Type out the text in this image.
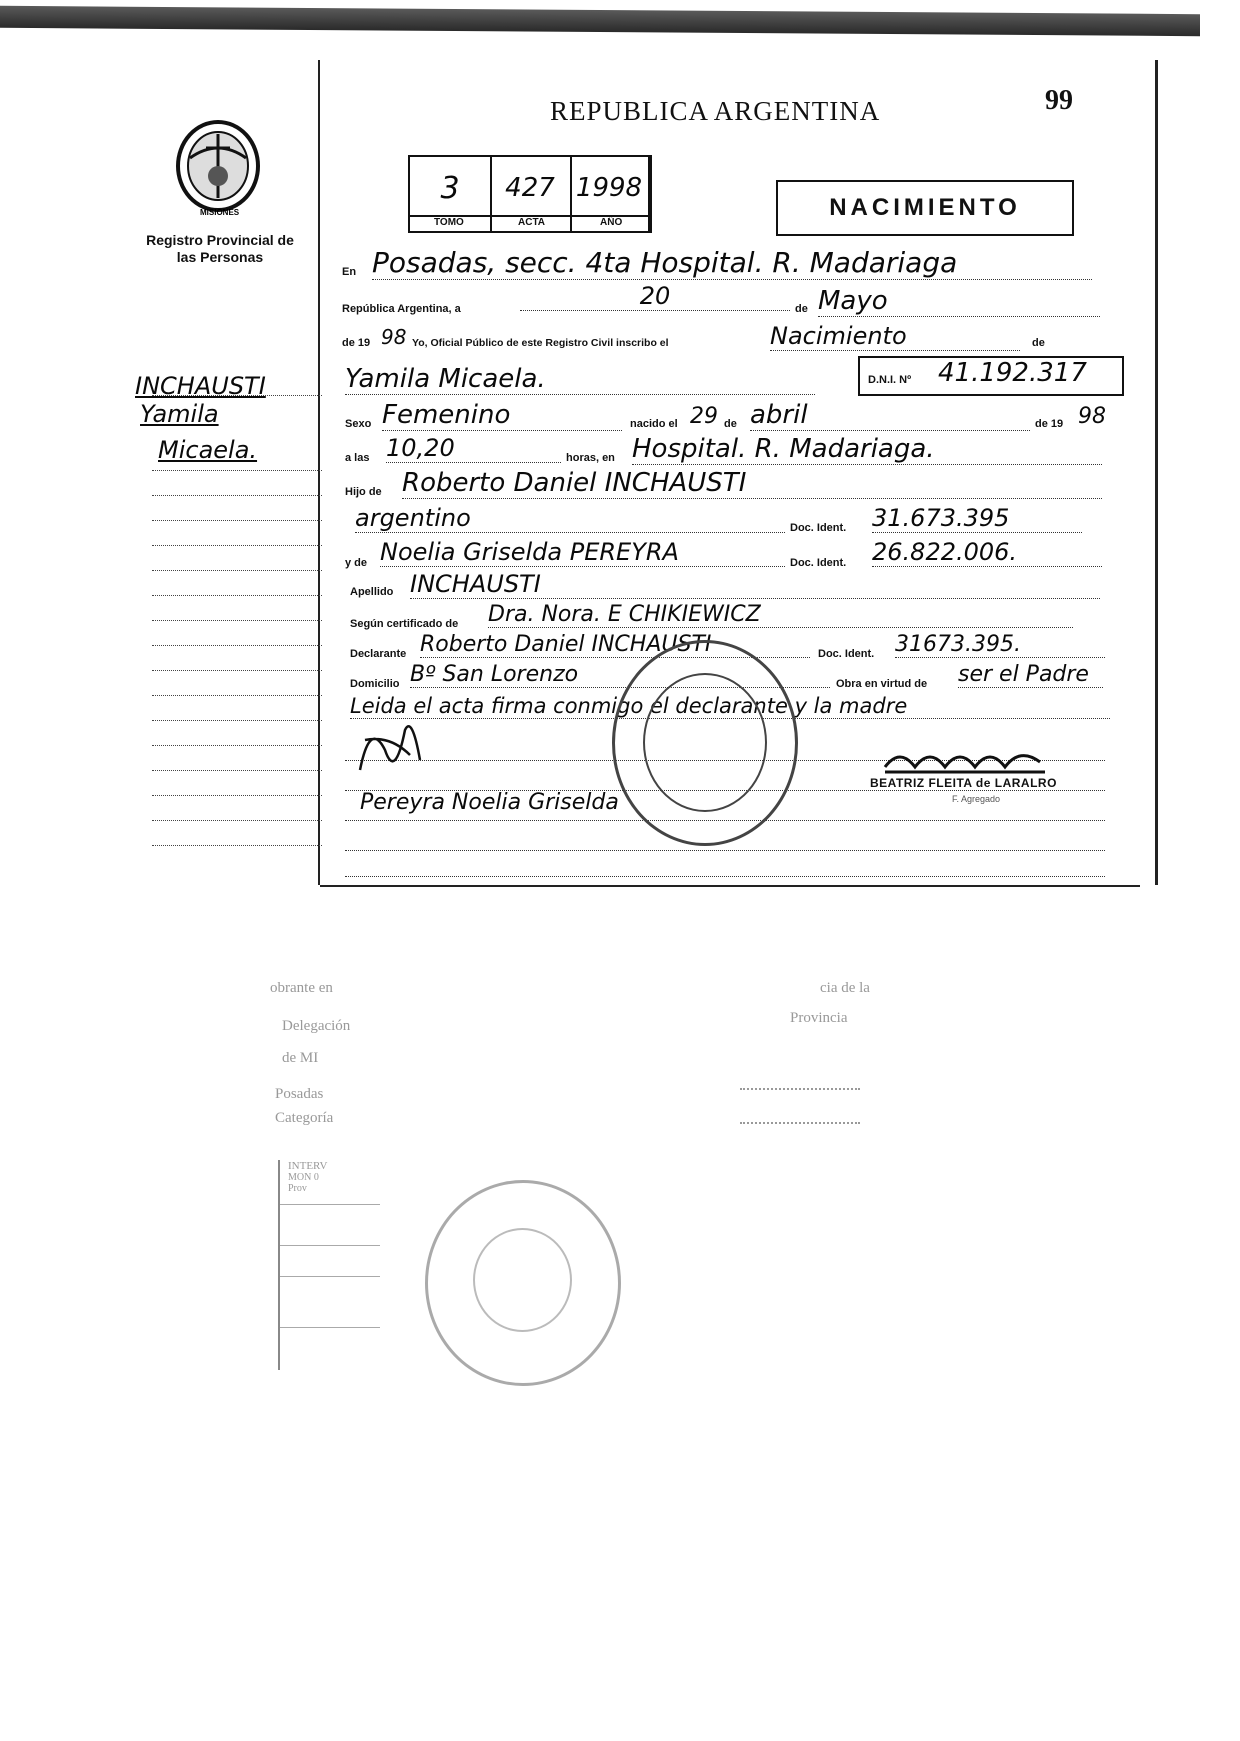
99
REPUBLICA ARGENTINA
MISIONES
Registro Provincial de las Personas
3	427 1998
TOMO	ACTA	AÑO
NACIMIENTO
INCHAUSTI
Yamila
Micaela.
En Posadas, secc. 4ta Hospital. R. Madariaga
República Argentina, a	20	de Mayo
de 19 98 Yo, Oficial Público de este Registro Civil inscribo el	Nacimiento	de
Yamila Micaela.	D.N.I. Nº 41.192.317
Sexo Femenino	nacido el 29 de abril	de 19 98
a las 10,20	horas, en Hospital. R. Madariaga.
Hijo de Roberto Daniel INCHAUSTI
argentino	Doc. Ident. 31.673.395
y de Noelia Griselda PEREYRA	Doc. Ident. 26.822.006.
Apellido INCHAUSTI
Según certificado de Dra. Nora. E CHIKIEWICZ
Declarante Roberto Daniel INCHAUSTI	Doc. Ident. 31673.395.
Domicilio Bº San Lorenzo	Obra en virtud de ser el Padre
Leida el acta firma conmigo el declarante y la madre
Pereyra Noelia Griselda
BEATRIZ FLEITA de LARALRO
F. Agregado
obrante en
Delegación
de MI
Posadas
Categoría
cia de la
Provincia
INTERV
MON 0
Prov
